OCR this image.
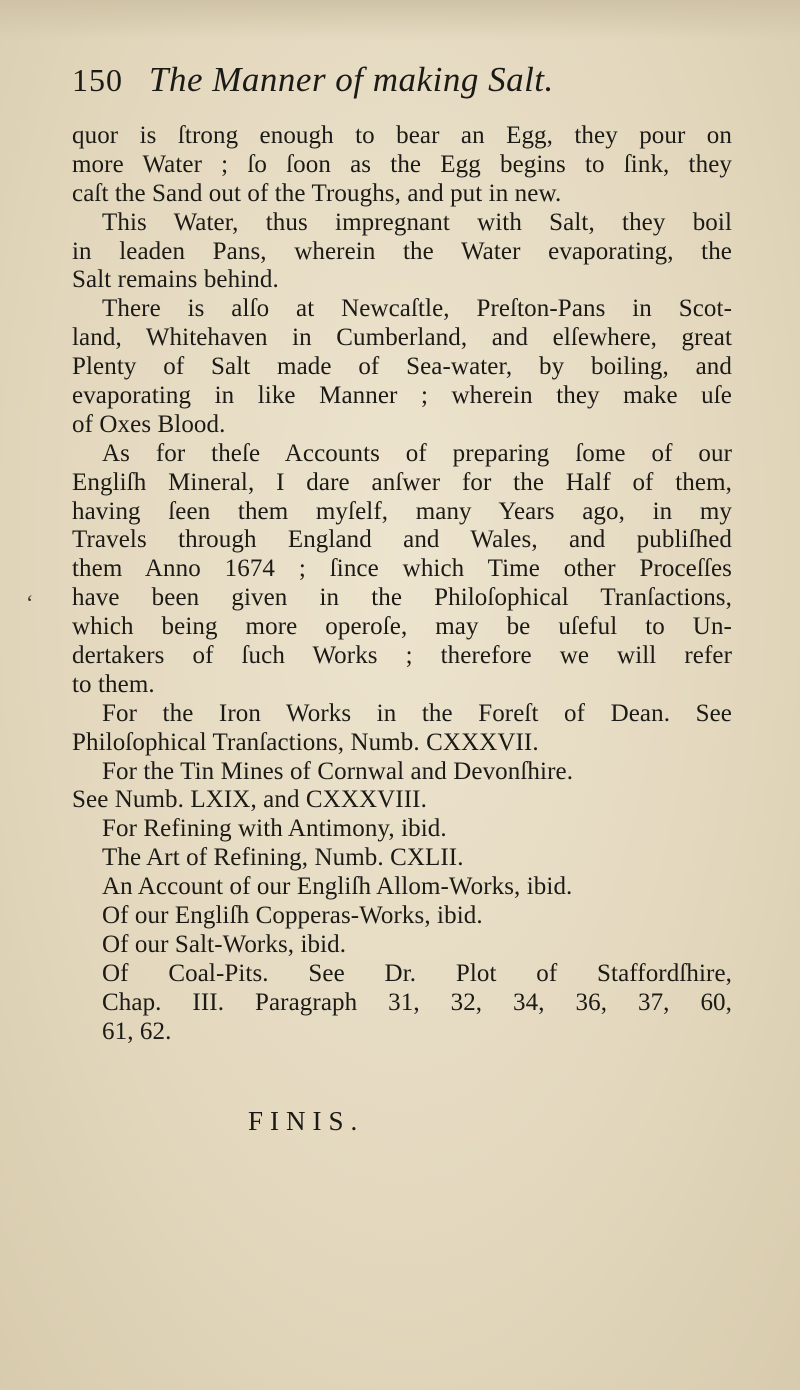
‘
150 The Manner of making Salt.
quor is ſtrong enough to bear an Egg, they pour on
more Water ; ſo ſoon as the Egg begins to ſink, they
caſt the Sand out of the Troughs, and put in new.
This Water, thus impregnant with Salt, they boil
in leaden Pans, wherein the Water evaporating, the
Salt remains behind.
There is alſo at Newcaſtle, Preſton-Pans in Scot-
land, Whitehaven in Cumberland, and elſewhere, great
Plenty of Salt made of Sea-water, by boiling, and
evaporating in like Manner ; wherein they make uſe
of Oxes Blood.
As for theſe Accounts of preparing ſome of our
Engliſh Mineral, I dare anſwer for the Half of them,
having ſeen them myſelf, many Years ago, in my
Travels through England and Wales, and publiſhed
them Anno 1674 ; ſince which Time other Proceſſes
have been given in the Philoſophical Tranſactions,
which being more operoſe, may be uſeful to Un-
dertakers of ſuch Works ; therefore we will refer
to them.
For the Iron Works in the Foreſt of Dean. See
Philoſophical Tranſactions, Numb. CXXXVII.
For the Tin Mines of Cornwal and Devonſhire.
See Numb. LXIX, and CXXXVIII.
For Refining with Antimony, ibid.
The Art of Refining, Numb. CXLII.
An Account of our Engliſh Allom-Works, ibid.
Of our Engliſh Copperas-Works, ibid.
Of our Salt-Works, ibid.
Of Coal-Pits. See Dr. Plot of Staffordſhire,
Chap. III. Paragraph 31, 32, 34, 36, 37, 60,
61, 62.
FINIS.
